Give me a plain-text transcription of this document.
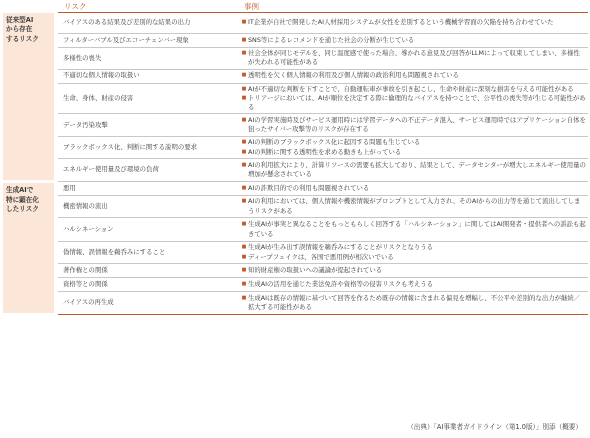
		リスク		事例
従来型AI
から存在
するリスク		バイアスのある結果及び差別的な結果の出力		■ IT企業が自社で開発したAI人材採用システムが女性を差別するという機械学習面の欠陥を持ち合わせていた

		フィルターバブル及びエコーチェンバー現象		■ SNS等によるレコメンドを通じた社会の分断が生じている

		多様性の喪失		■ 社会全体が同じモデルを、同じ温度感で使った場合、導かれる意見及び回答がLLMによって収束してしまい、多様性が失われる可能性がある

		不適切な個人情報の取扱い		■ 透明性を欠く個人情報の利用及び個人情報の政治利用も問題視されている

		生命、身体、財産の侵害		■ AIが不適切な判断を下すことで、自動運転車が事故を引き起こし、生命や財産に深刻な損害を与える可能性がある
■ トリアージにおいては、AIが順位を決定する際に倫理的なバイアスを持つことで、公平性の喪失等が生じる可能性がある

		データ汚染攻撃		■ AIの学習実施時及びサービス運用時には学習データへの不正データ混入、サービス運用時ではアプリケーション自体を狙ったサイバー攻撃等のリスクが存在する

		ブラックボックス化、判断に関する説明の要求		■ AIの判断のブラックボックス化に起因する問題も生じている
■ AIの判断に関する透明性を求める動きも上がっている

		エネルギー使用量及び環境の負荷		■ AIの利用拡大により、計算リソースの需要も拡大しており、結果として、データセンターが増大しエネルギー使用量の増加が懸念されている

生成AIで
特に顕在化
したリスク		悪用		■ AIの詐欺目的での利用も問題視されている

		機密情報の流出		■ AIの利用においては、個人情報や機密情報がプロンプトとして入力され、そのAIからの出力等を通じて流出してしまうリスクがある

		ハルシネーション		■ 生成AIが事実と異なることをもっともらしく回答する「ハルシネーション」に関してはAI開発者・提供者への訴訟も起きている

		偽情報、誤情報を鵜呑みにすること		■ 生成AIが生み出す誤情報を鵜呑みにすることがリスクとなりうる
■ ディープフェイクは、各国で悪用例が相次いでいる

		著作権との関係		■ 知的財産権の取扱いへの議論が提起されている

		資格等との関係		■ 生成AIの活用を通じた業法免許や資格等の侵害リスクも考えうる

		バイアスの再生成		■ 生成AIは既存の情報に基づいて回答を作るため既存の情報に含まれる偏見を増幅し、不公平や差別的な出力が継続／拡大する可能性がある
（出典）「AI事業者ガイドライン（第1.0版）」別添（概要）
